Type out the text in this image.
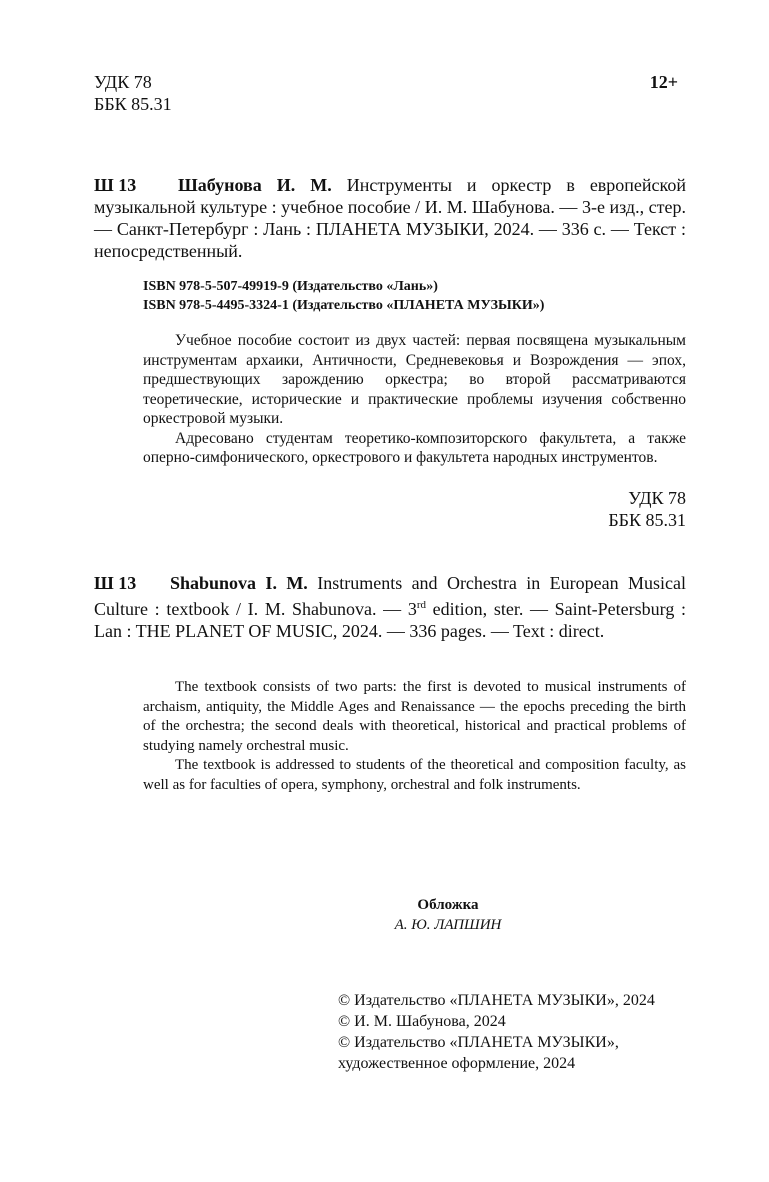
УДК 78
ББК 85.31
12+
Ш 13	Шабунова И. М. Инструменты и оркестр в европейской музыкальной культуре : учебное пособие / И. М. Шабунова. — 3-е изд., стер. — Санкт-Петербург : Лань : ПЛАНЕТА МУЗЫКИ, 2024. — 336 с. — Текст : непосредственный.

ISBN 978-5-507-49919-9 (Издательство «Лань»)
ISBN 978-5-4495-3324-1 (Издательство «ПЛАНЕТА МУЗЫКИ»)

Учебное пособие состоит из двух частей: первая посвящена музыкальным инструментам архаики, Античности, Средневековья и Возрождения — эпох, предшествующих зарождению оркестра; во второй рассматриваются теоретические, исторические и практические проблемы изучения собственно оркестровой музыки.

Адресовано студентам теоретико-композиторского факультета, а также оперно-симфонического, оркестрового и факультета народных инструментов.

УДК 78
ББК 85.31
Ш 13	Shabunova I. M. Instruments and Orchestra in European Musical Culture : textbook / I. M. Shabunova. — 3rd edition, ster. — Saint-Petersburg : Lan : THE PLANET OF MUSIC, 2024. — 336 pages. — Text : direct.

The textbook consists of two parts: the first is devoted to musical instruments of archaism, antiquity, the Middle Ages and Renaissance — the epochs preceding the birth of the orchestra; the second deals with theoretical, historical and practical problems of studying namely orchestral music.

The textbook is addressed to students of the theoretical and composition faculty, as well as for faculties of opera, symphony, orchestral and folk instruments.

Обложка
А. Ю. ЛАПШИН
© Издательство «ПЛАНЕТА МУЗЫКИ», 2024
© И. М. Шабунова, 2024
© Издательство «ПЛАНЕТА МУЗЫКИ»,
художественное оформление, 2024
